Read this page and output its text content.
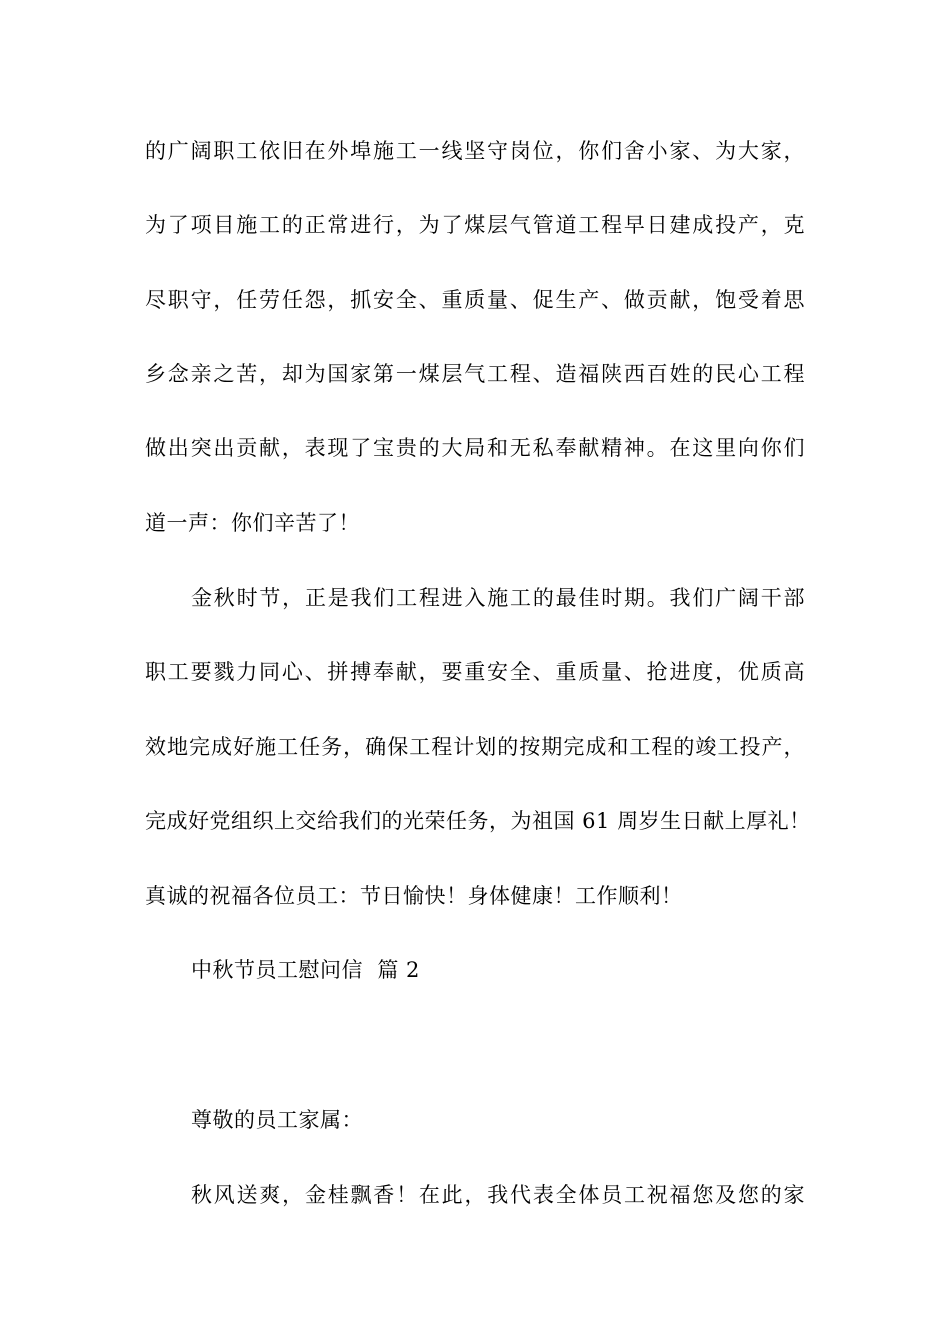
的广阔职工依旧在外埠施工一线坚守岗位，你们舍小家、为大家，
为了项目施工的正常进行，为了煤层气管道工程早日建成投产，克
尽职守，任劳任怨，抓安全、重质量、促生产、做贡献，饱受着思
乡念亲之苦，却为国家第一煤层气工程、造福陕西百姓的民心工程
做出突出贡献，表现了宝贵的大局和无私奉献精神。在这里向你们
道一声：你们辛苦了！
金秋时节，正是我们工程进入施工的最佳时期。我们广阔干部
职工要戮力同心、拼搏奉献，要重安全、重质量、抢进度，优质高
效地完成好施工任务，确保工程计划的按期完成和工程的竣工投产，
完成好党组织上交给我们的光荣任务，为祖国 61 周岁生日献上厚礼！
真诚的祝福各位员工：节日愉快！身体健康！工作顺利！
中秋节员工慰问信  篇 2
尊敬的员工家属：
秋风送爽，金桂飘香！在此，我代表全体员工祝福您及您的家
